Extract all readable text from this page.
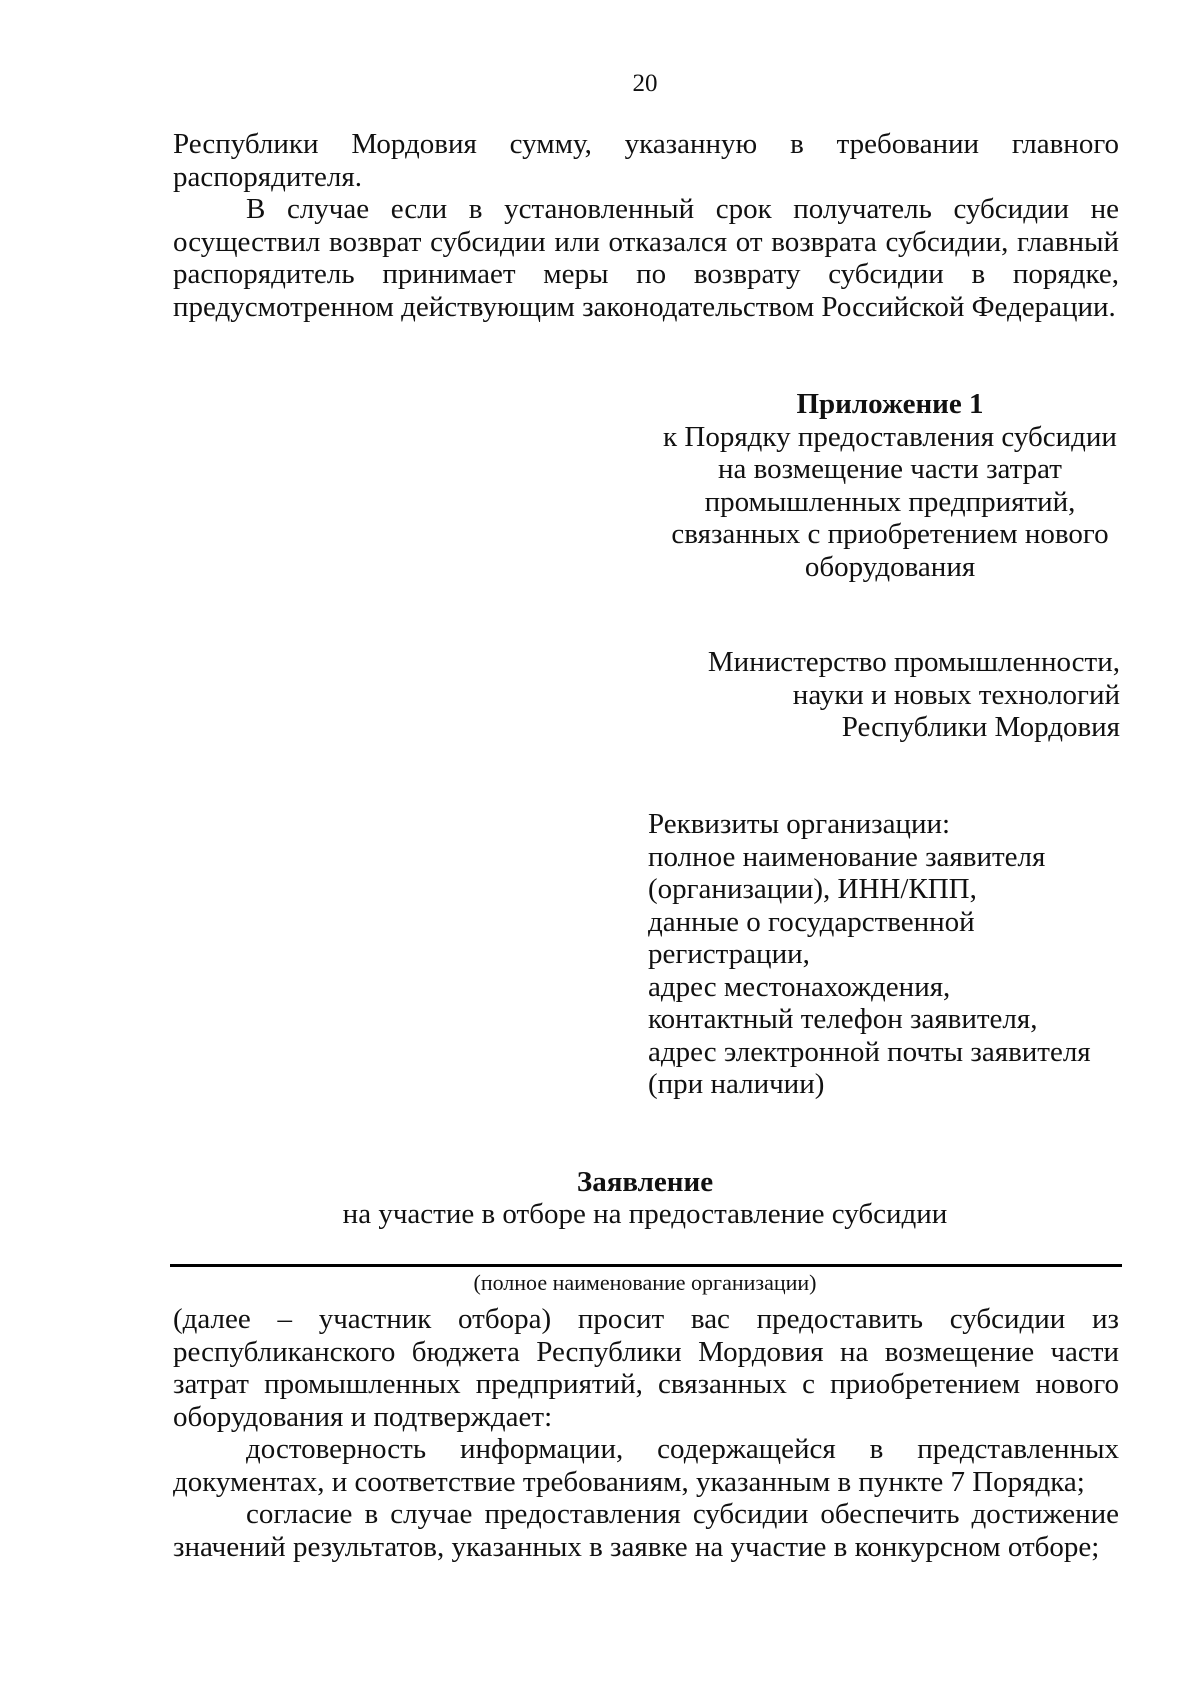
20
Республики Мордовия сумму, указанную в требовании главного
распорядителя.
В случае если в установленный срок получатель субсидии не
осуществил возврат субсидии или отказался от возврата субсидии, главный
распорядитель принимает меры по возврату субсидии в порядке,
предусмотренном действующим законодательством Российской Федерации.
Приложение 1
к Порядку предоставления субсидии
на возмещение части затрат
промышленных предприятий,
связанных с приобретением нового
оборудования
Министерство промышленности,
науки и новых технологий
Республики Мордовия
Реквизиты организации:
полное наименование заявителя
(организации), ИНН/КПП,
данные о государственной
регистрации,
адрес местонахождения,
контактный телефон заявителя,
адрес электронной почты заявителя
(при наличии)
Заявление
на участие в отборе на предоставление субсидии
(полное наименование организации)
(далее – участник отбора) просит вас предоставить субсидии из
республиканского бюджета Республики Мордовия на возмещение части
затрат промышленных предприятий, связанных с приобретением нового
оборудования и подтверждает:
достоверность информации, содержащейся в представленных
документах, и соответствие требованиям, указанным в пункте 7 Порядка;
согласие в случае предоставления субсидии обеспечить достижение
значений результатов, указанных в заявке на участие в конкурсном отборе;
